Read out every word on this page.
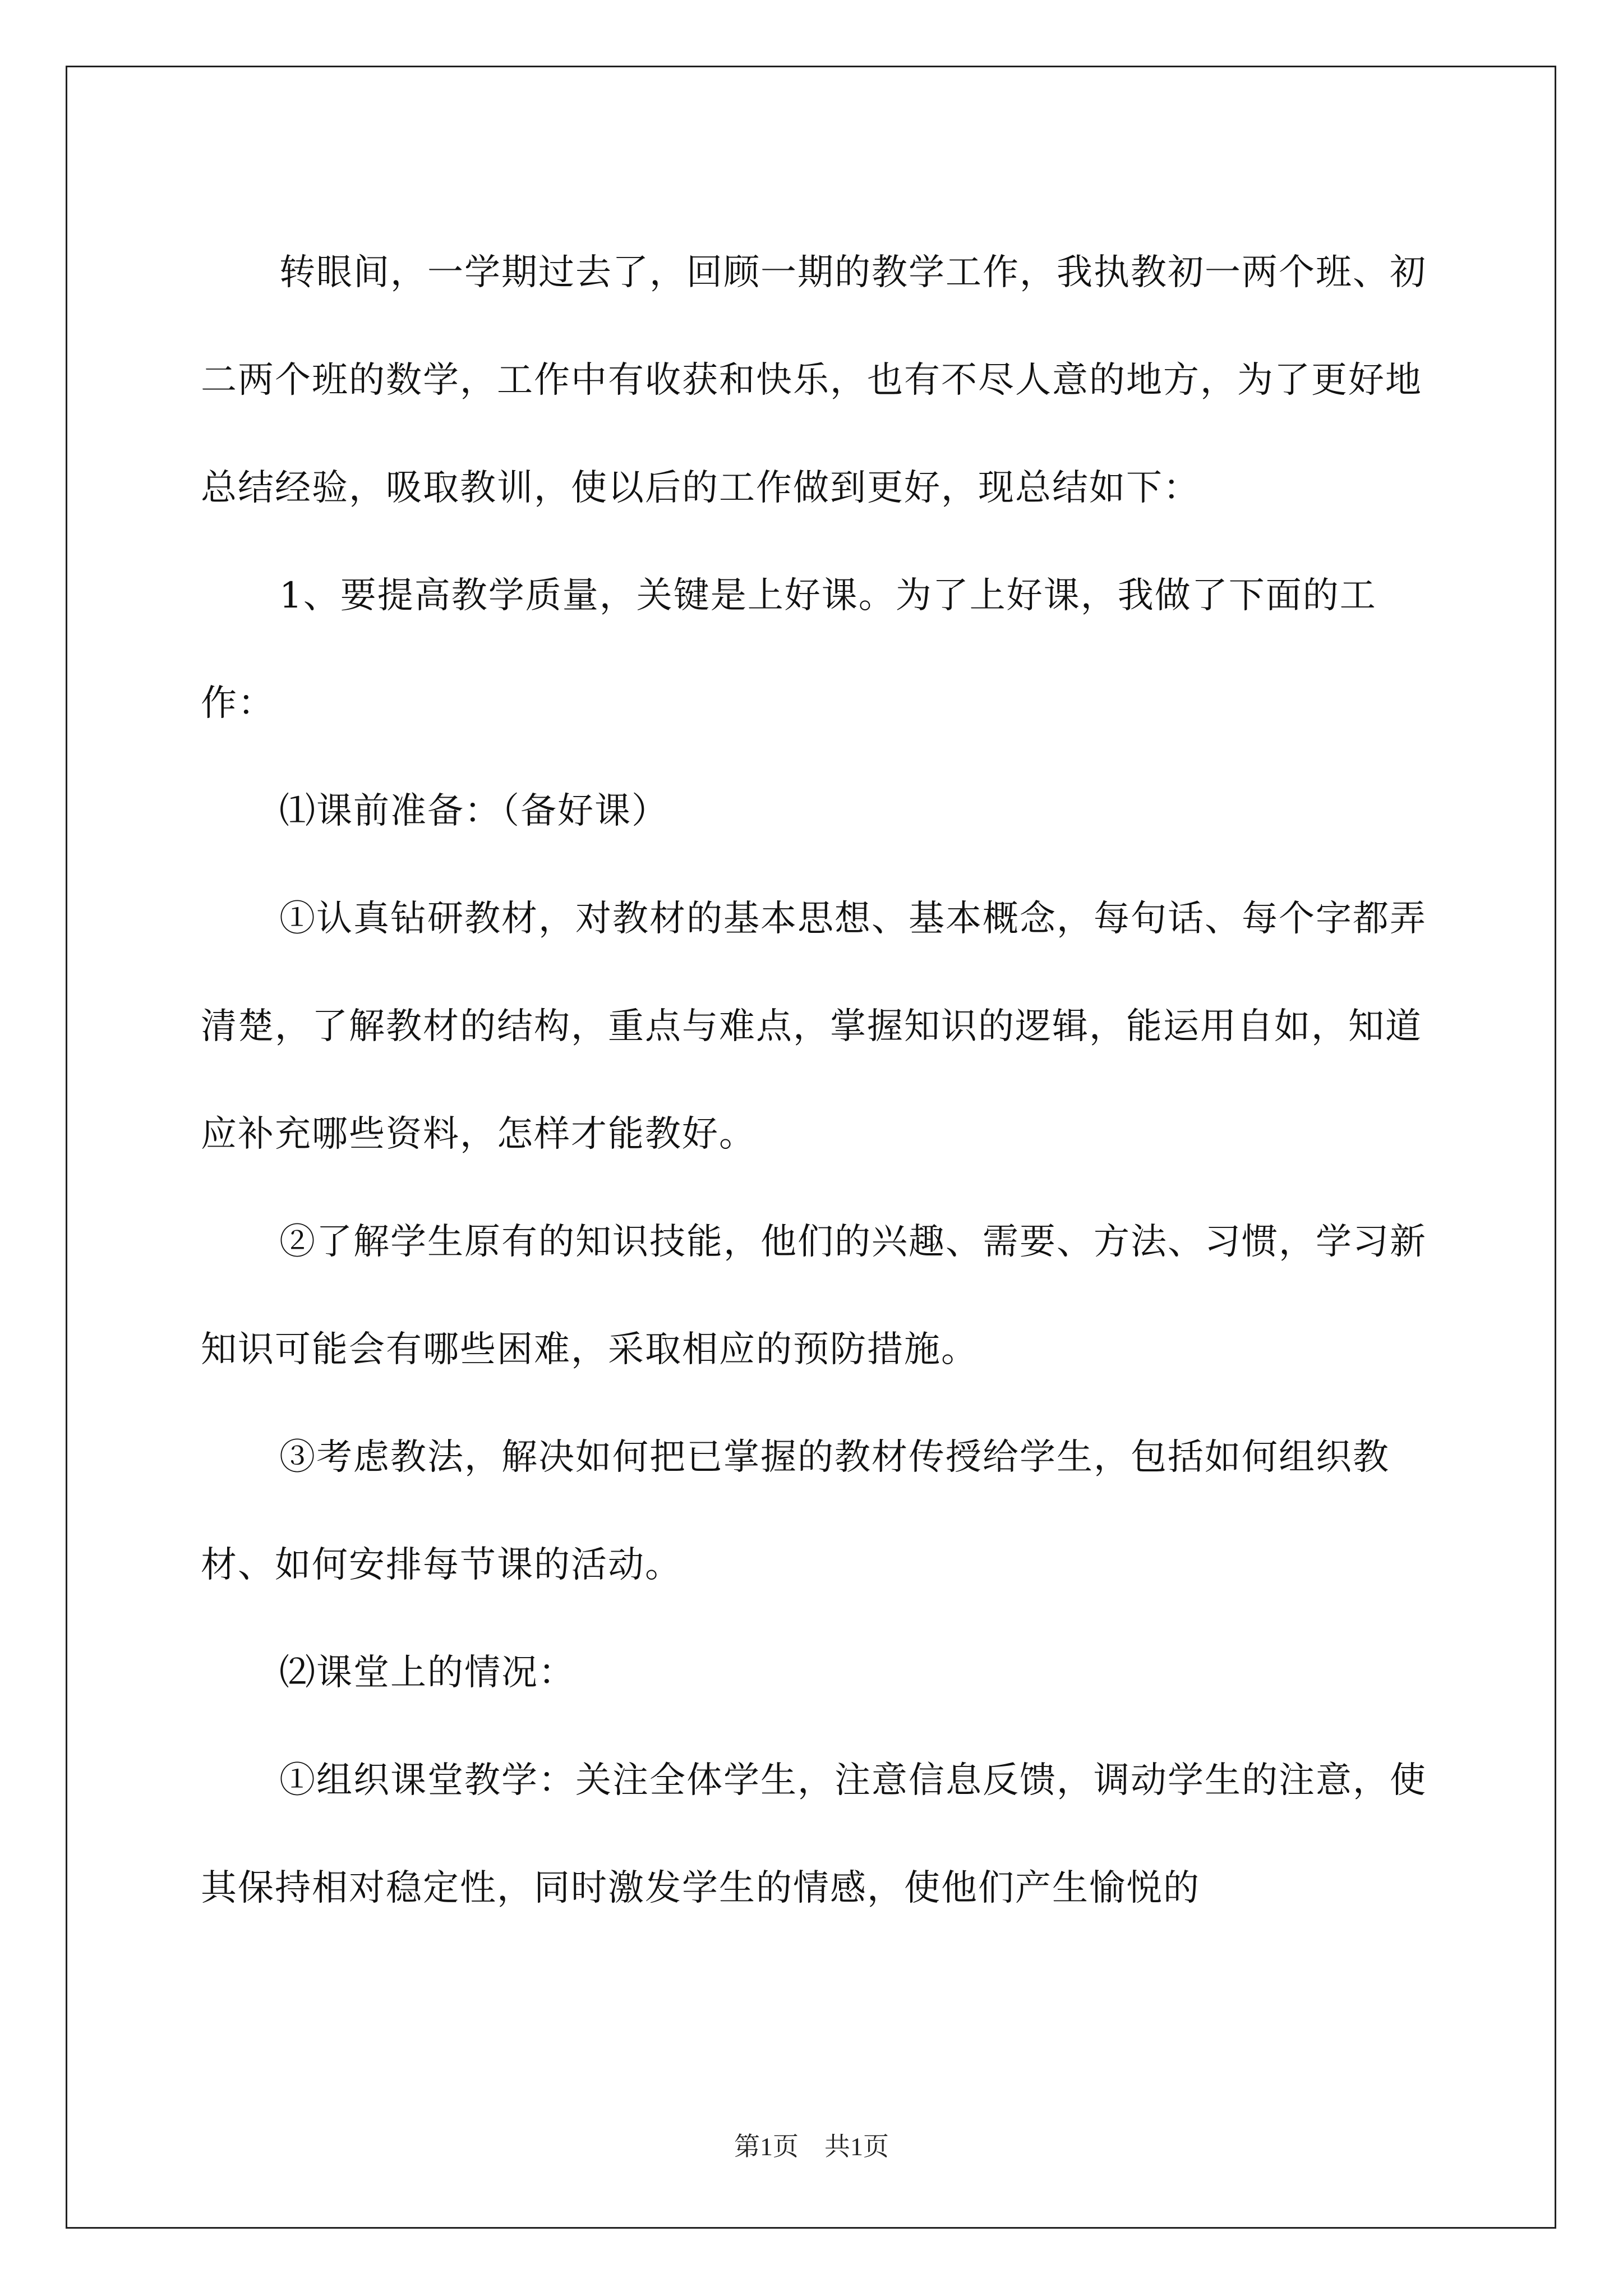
转眼间，一学期过去了，回顾一期的教学工作，我执教初一两个班、初二两个班的数学，工作中有收获和快乐，也有不尽人意的地方，为了更好地总结经验，吸取教训，使以后的工作做到更好，现总结如下：

1、要提高教学质量，关键是上好课。为了上好课，我做了下面的工作：

⑴课前准备：（备好课）

①认真钻研教材，对教材的基本思想、基本概念，每句话、每个字都弄清楚，了解教材的结构，重点与难点，掌握知识的逻辑，能运用自如，知道应补充哪些资料，怎样才能教好。

②了解学生原有的知识技能，他们的兴趣、需要、方法、习惯，学习新知识可能会有哪些困难，采取相应的预防措施。

③考虑教法，解决如何把已掌握的教材传授给学生，包括如何组织教材、如何安排每节课的活动。

⑵课堂上的情况：

①组织课堂教学：关注全体学生，注意信息反馈，调动学生的注意，使其保持相对稳定性，同时激发学生的情感，使他们产生愉悦的

第1页　共1页
